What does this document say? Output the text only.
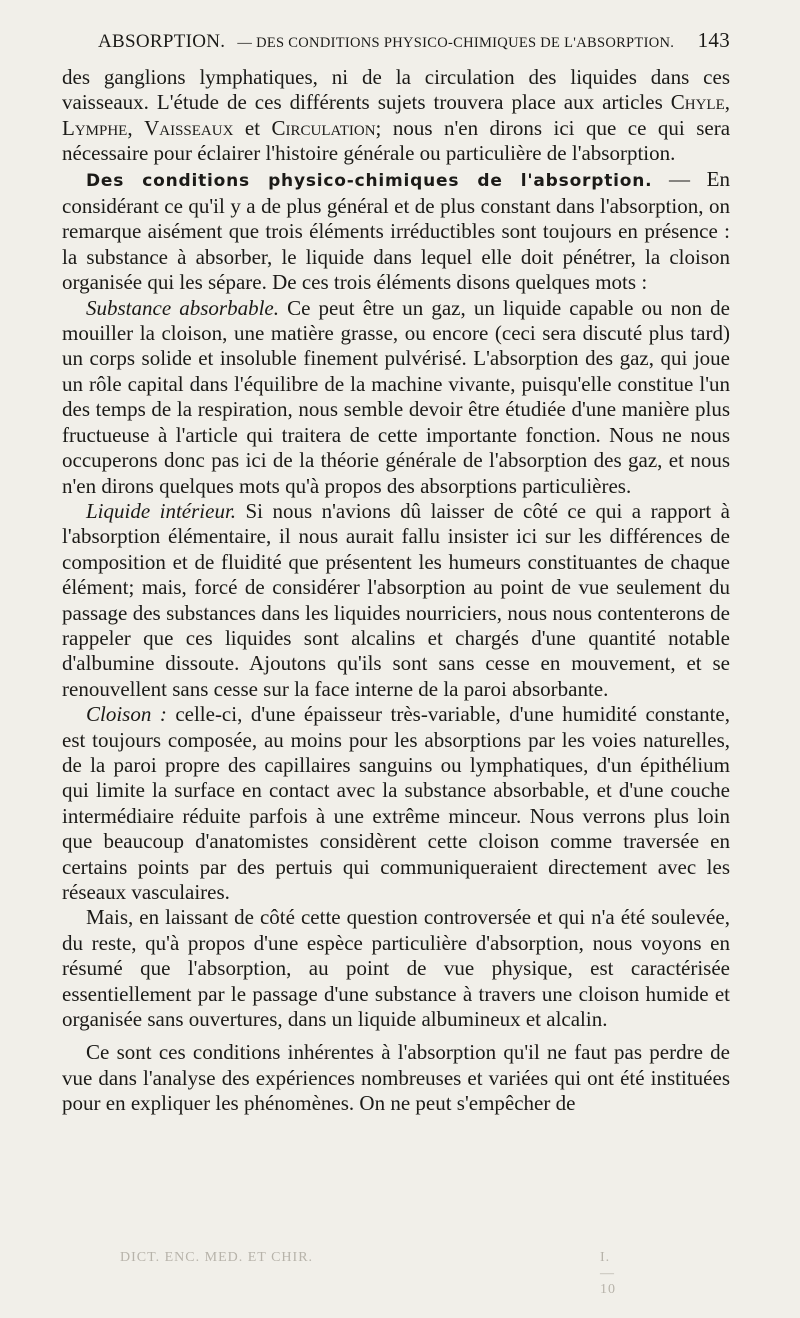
ABSORPTION. — DES CONDITIONS PHYSICO-CHIMIQUES DE L'ABSORPTION.	143

des ganglions lymphatiques, ni de la circulation des liquides dans ces vaisseaux. L'étude de ces différents sujets trouvera place aux articles Chyle, Lymphe, Vaisseaux et Circulation; nous n'en dirons ici que ce qui sera nécessaire pour éclairer l'histoire générale ou particulière de l'absorption.

Des conditions physico-chimiques de l'absorption. — En considérant ce qu'il y a de plus général et de plus constant dans l'absorption, on remarque aisément que trois éléments irréductibles sont toujours en présence : la substance à absorber, le liquide dans lequel elle doit pénétrer, la cloison organisée qui les sépare. De ces trois éléments disons quelques mots :

Substance absorbable. Ce peut être un gaz, un liquide capable ou non de mouiller la cloison, une matière grasse, ou encore (ceci sera discuté plus tard) un corps solide et insoluble finement pulvérisé. L'absorption des gaz, qui joue un rôle capital dans l'équilibre de la machine vivante, puisqu'elle constitue l'un des temps de la respiration, nous semble devoir être étudiée d'une manière plus fructueuse à l'article qui traitera de cette importante fonction. Nous ne nous occuperons donc pas ici de la théorie générale de l'absorption des gaz, et nous n'en dirons quelques mots qu'à propos des absorptions particulières.

Liquide intérieur. Si nous n'avions dû laisser de côté ce qui a rapport à l'absorption élémentaire, il nous aurait fallu insister ici sur les différences de composition et de fluidité que présentent les humeurs constituantes de chaque élément; mais, forcé de considérer l'absorption au point de vue seulement du passage des substances dans les liquides nourriciers, nous nous contenterons de rappeler que ces liquides sont alcalins et chargés d'une quantité notable d'albumine dissoute. Ajoutons qu'ils sont sans cesse en mouvement, et se renouvellent sans cesse sur la face interne de la paroi absorbante.

Cloison : celle-ci, d'une épaisseur très-variable, d'une humidité constante, est toujours composée, au moins pour les absorptions par les voies naturelles, de la paroi propre des capillaires sanguins ou lymphatiques, d'un épithélium qui limite la surface en contact avec la substance absorbable, et d'une couche intermédiaire réduite parfois à une extrême minceur. Nous verrons plus loin que beaucoup d'anatomistes considèrent cette cloison comme traversée en certains points par des pertuis qui communiqueraient directement avec les réseaux vasculaires.

Mais, en laissant de côté cette question controversée et qui n'a été soulevée, du reste, qu'à propos d'une espèce particulière d'absorption, nous voyons en résumé que l'absorption, au point de vue physique, est caractérisée essentiellement par le passage d'une substance à travers une cloison humide et organisée sans ouvertures, dans un liquide albumineux et alcalin.

Ce sont ces conditions inhérentes à l'absorption qu'il ne faut pas perdre de vue dans l'analyse des expériences nombreuses et variées qui ont été instituées pour en expliquer les phénomènes. On ne peut s'empêcher de

DICT. ENC. MED. ET CHIR.	I. — 10
